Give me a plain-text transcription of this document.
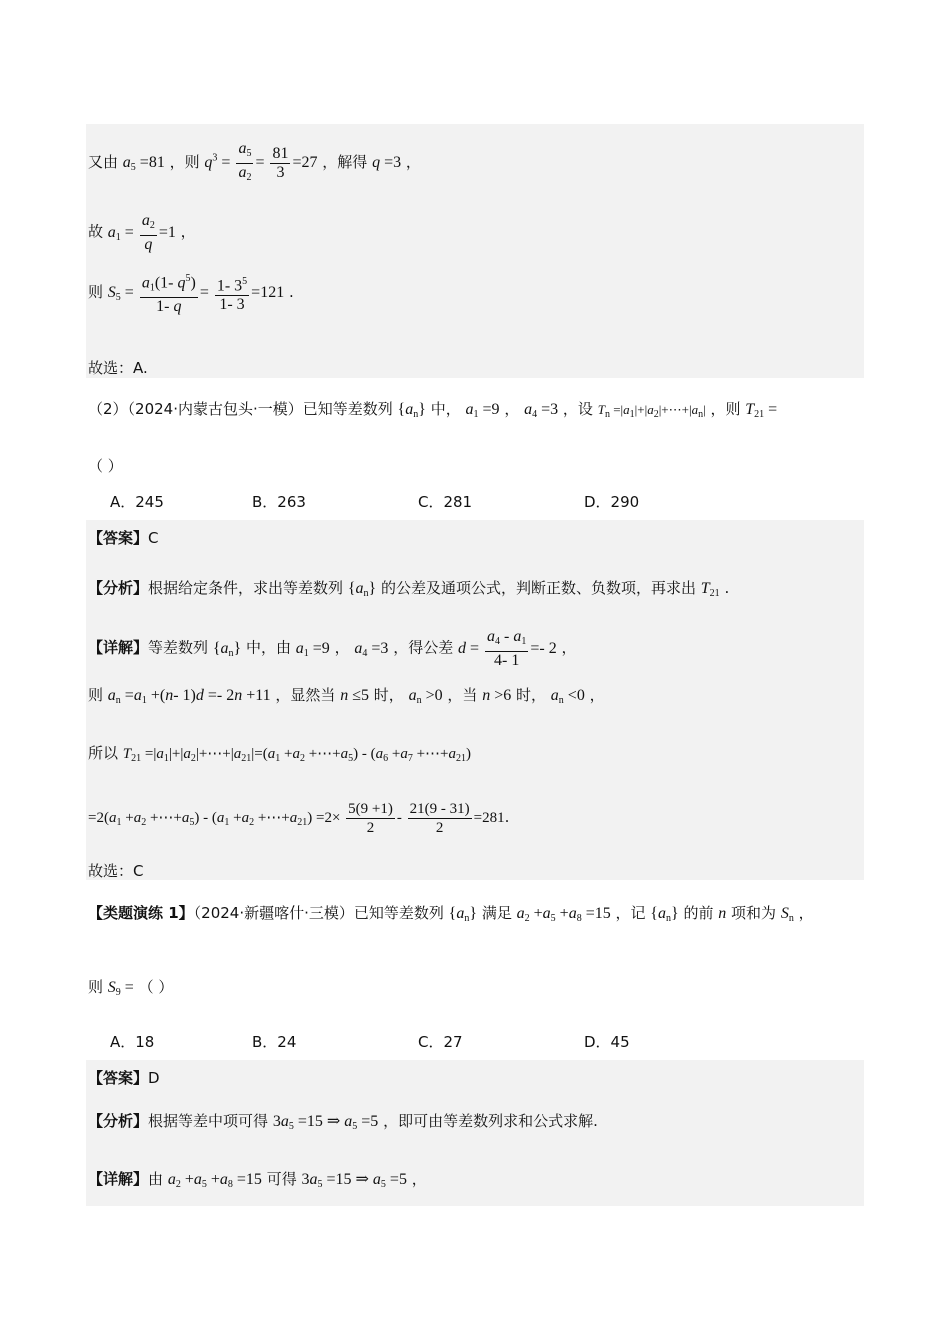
又由 $a_5 =81$ ，则 $q^3 = \frac{a_5}{a_2} = \frac{81}{3} =27$ ，解得 q =3 ，
故 $a_1 = \frac{a_2}{q} =1$ ，
则 $S_5 = \frac{a_1(1- q^5)}{1- q} = \frac{1- 3^5}{1- 3} =121$ .
故选：A.
（2）（2024·内蒙古包头·一模）已知等差数列 $\{a_n\}$ 中， $a_1 =9$ ， $a_4 =3$ ，设 $T_n$ $=|a_1|+|a_2|+\cdots+|a_n|$ ，则 $T_{21}$ =
（ ）
A．245	B．263	C．281	D．290
【答案】C
【分析】根据给定条件，求出等差数列 $\{a_n\}$ 的公差及通项公式，判断正数、负数项，再求出 $T_{21}$ .
【详解】等差数列 $\{a_n\}$ 中，由 $a_1 =9$ ， $a_4 =3$ ，得公差 $d = \frac{a_4 - a_1}{4- 1} =- 2$ ，
则 $a_n =a_1 +(n-$ 1)d =- 2n +11 ，显然当 n ≤5 时， $a_n >0$ ，当 n >6 时， $a_n <0$ ，
所以 $T_{21}$ $=|a_1|+|a_2|+\cdots+|a_{21}|=(a_1 +a_2$ $+\cdots+a_5) - (a_6 +a_7$ $+\cdots+a_{21}$)
$=2(a_1 +a_2$ $+\cdots+a_5) - (a_1 +a_2$ $+\cdots+a_{21}) =2\times \frac{5(9 +1)}{2} - \frac{21(9 - 31)}{2} =281$.
故选：C
【类题演练 1】（2024·新疆喀什·三模）已知等差数列 $\{a_n\}$ 满足 $a_2 +a_5 +a_8 =15$ ，记 $\{a_n\}$ 的前 n 项和为 $S_n$ ，
则 $S_9$ = （ ）
A．18	B．24	C．27	D．45
【答案】D
【分析】根据等差中项可得 $3a_5 =15$ ⇒ $a_5 =5$ ，即可由等差数列求和公式求解.
【详解】由 $a_2 +a_5 +a_8 =15$ 可得 $3a_5 =15$ ⇒ $a_5 =5$ ，
